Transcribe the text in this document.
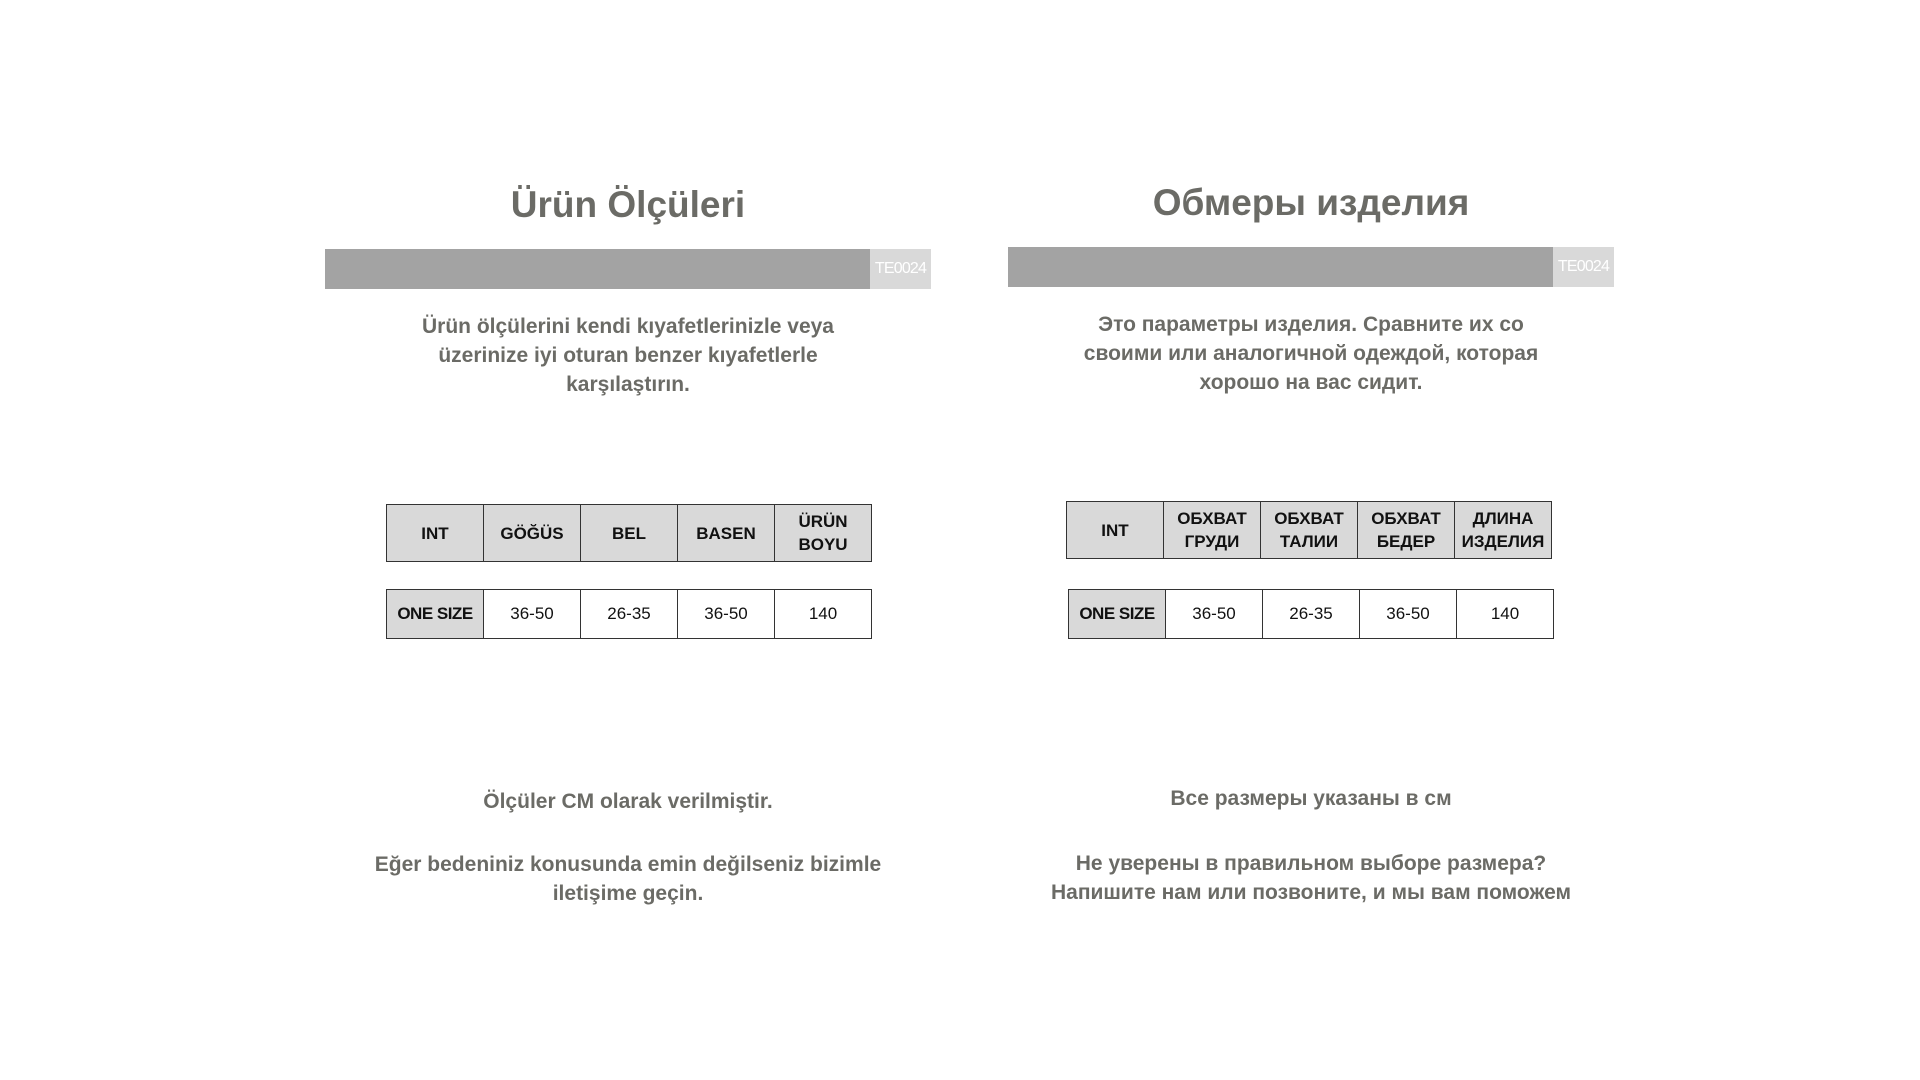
Ürün Ölçüleri
TE0024

Ürün ölçülerini kendi kıyafetlerinizle veya üzerinize iyi oturan benzer kıyafetlerle karşılaştırın.

INT	GÖĞÜS	BEL	BASEN	ÜRÜN BOYU
ONE SIZE	36-50	26-35	36-50	140

Ölçüler CM olarak verilmiştir.

Eğer bedeniniz konusunda emin değilseniz bizimle iletişime geçin.

Обмеры изделия
TE0024

Это параметры изделия. Сравните их со своими или аналогичной одеждой, которая хорошо на вас сидит.

INT	ОБХВАТ ГРУДИ	ОБХВАТ ТАЛИИ	ОБХВАТ БЕДЕР	ДЛИНА ИЗДЕЛИЯ
ONE SIZE	36-50	26-35	36-50	140

Все размеры указаны в см

Не уверены в правильном выборе размера?
Напишите нам или позвоните, и мы вам поможем
